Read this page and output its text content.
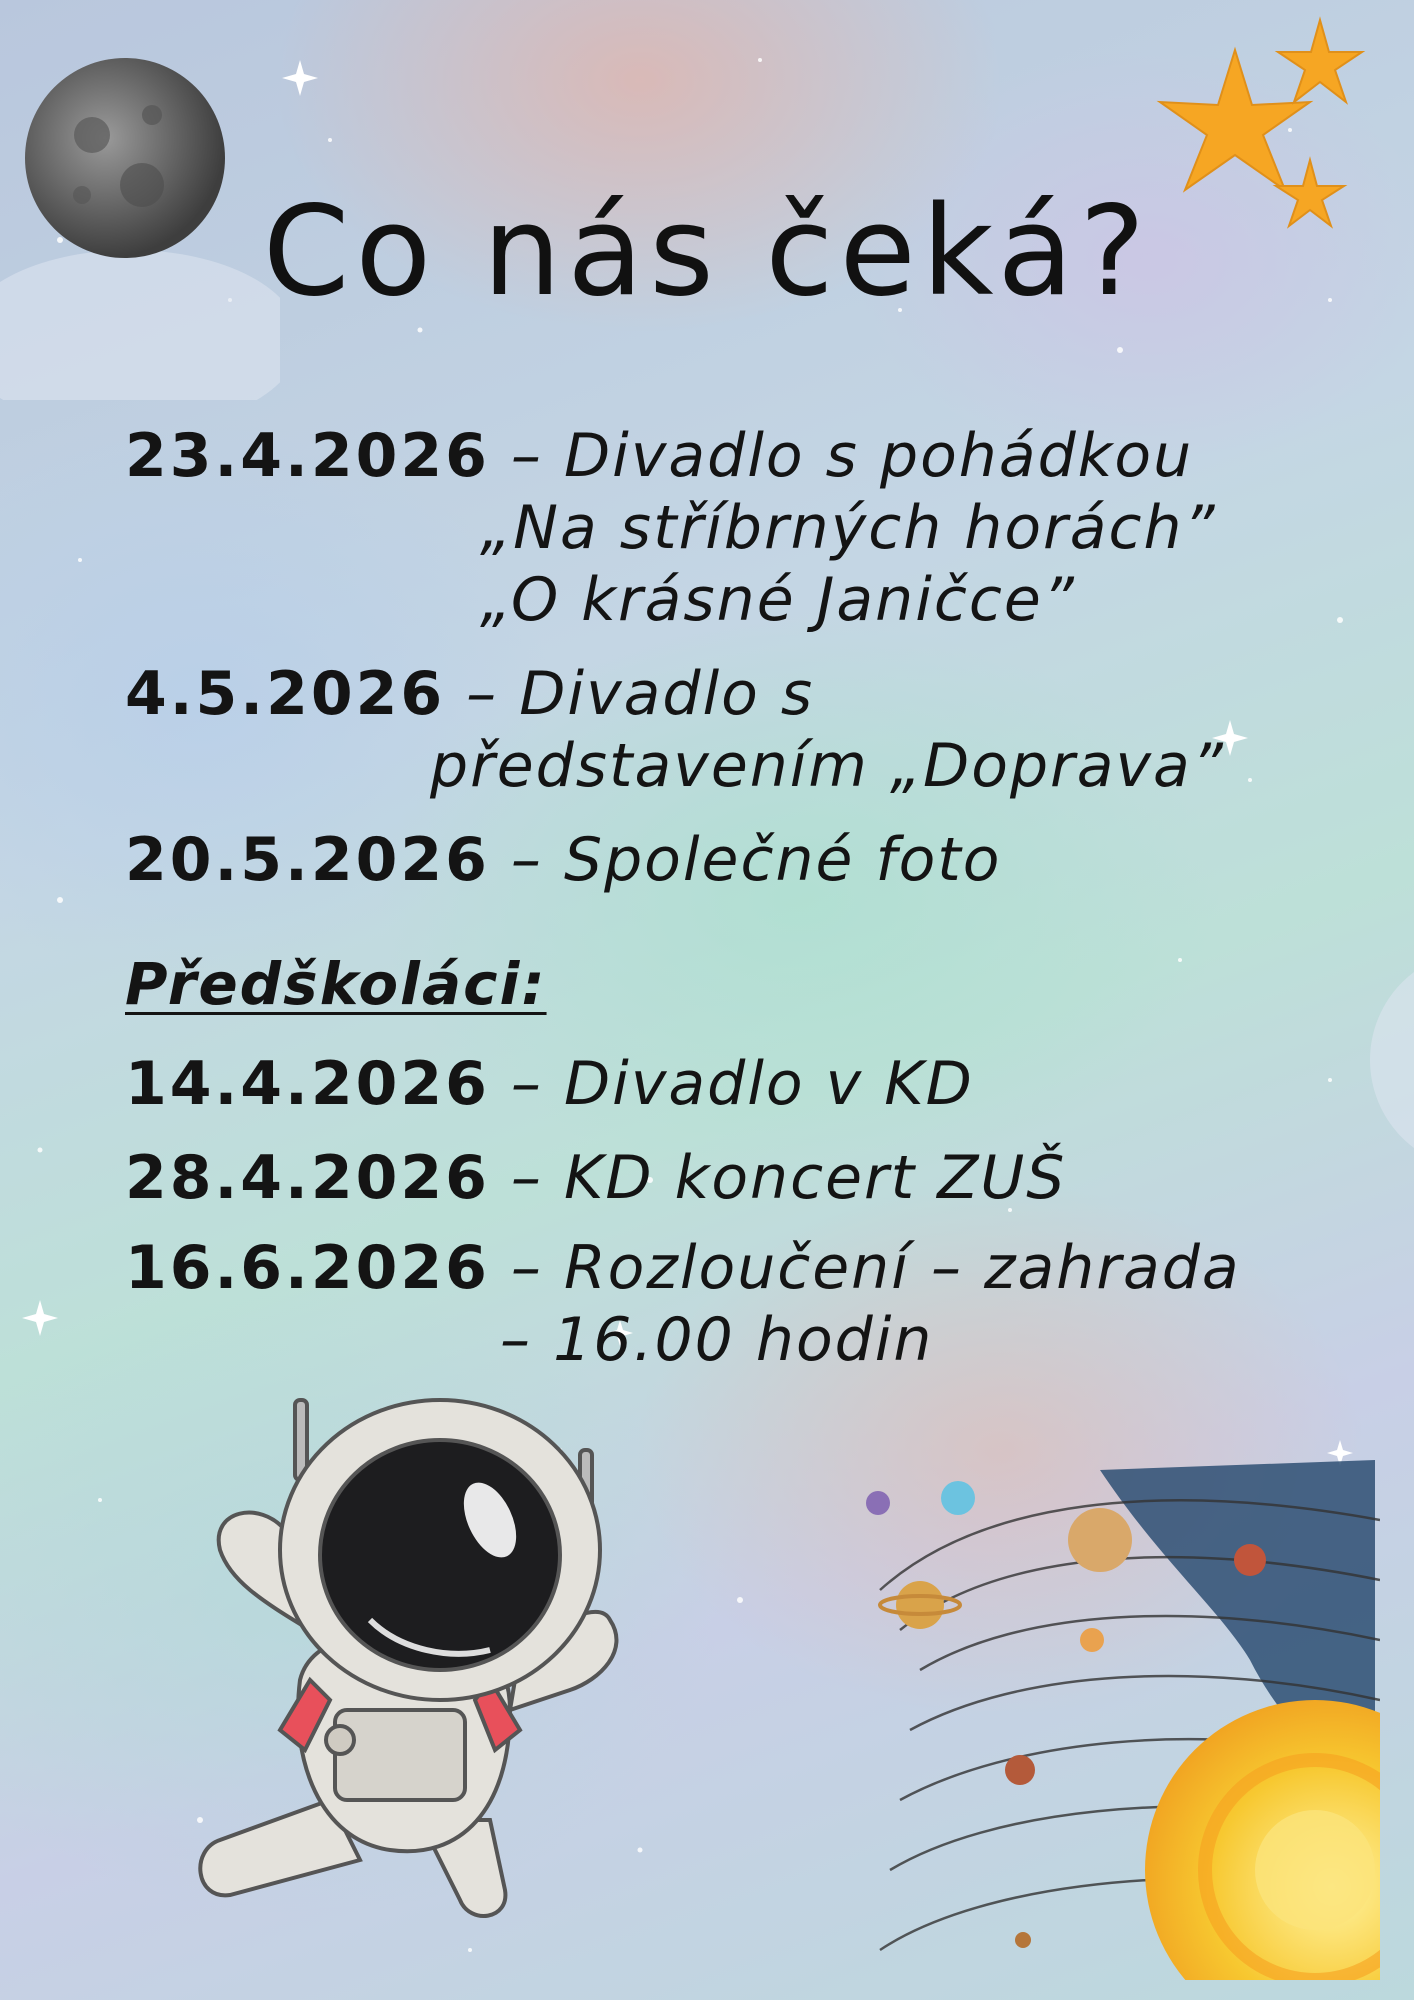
Co nás čeká?
23.4.2026 – Divadlo s pohádkou
„Na stříbrných horách”
„O krásné Janičce”
4.5.2026 – Divadlo s
představením „Doprava”
20.5.2026 – Společné foto
Předškoláci:
14.4.2026 – Divadlo v KD
28.4.2026 – KD koncert ZUŠ
16.6.2026 – Rozloučení – zahrada
– 16.00 hodin
